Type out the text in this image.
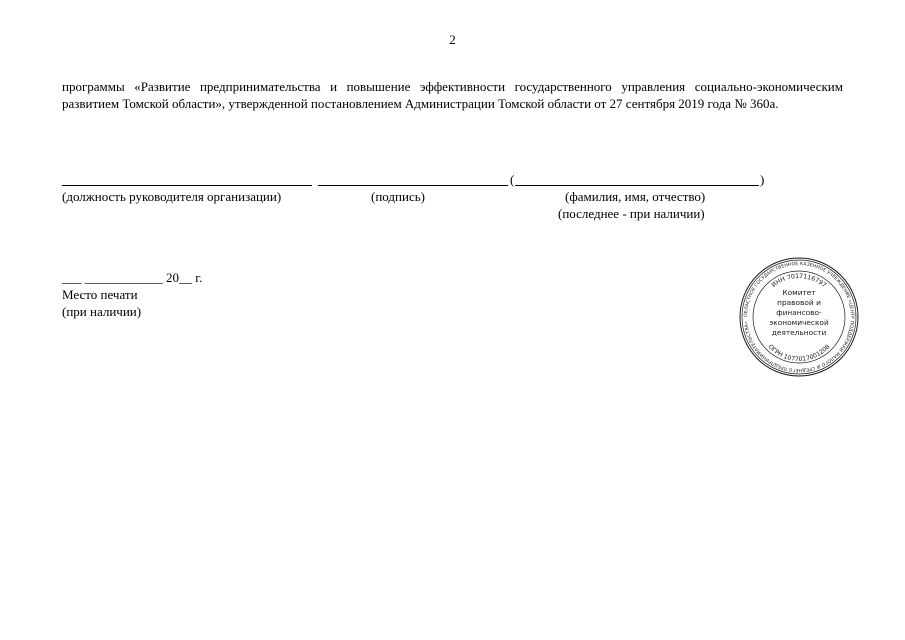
2
программы «Развитие предпринимательства и повышение эффективности государственного управления социально-экономическим развитием Томской области», утвержденной постановлением Администрации Томской области от 27 сентября 2019 года № 360а.
(	)
(должность руководителя организации)	(подпись)	(фамилия, имя, отчество)
(последнее - при наличии)
___ ____________ 20__ г.
Место печати
(при наличии)	ОБЛАСТНОЕ ГОСУДАРСТВЕННОЕ КАЗЕННОЕ УЧРЕЖДЕНИЕ «ЦЕНТР ПОДДЕРЖКИ МАЛОГО И СРЕДНЕГО ПРЕДПРИНИМАТЕЛЬСТВА»
ИНН 7017116797
ОГРН 1077017001208
Комитет
правовой и
финансово-
экономической
деятельности
